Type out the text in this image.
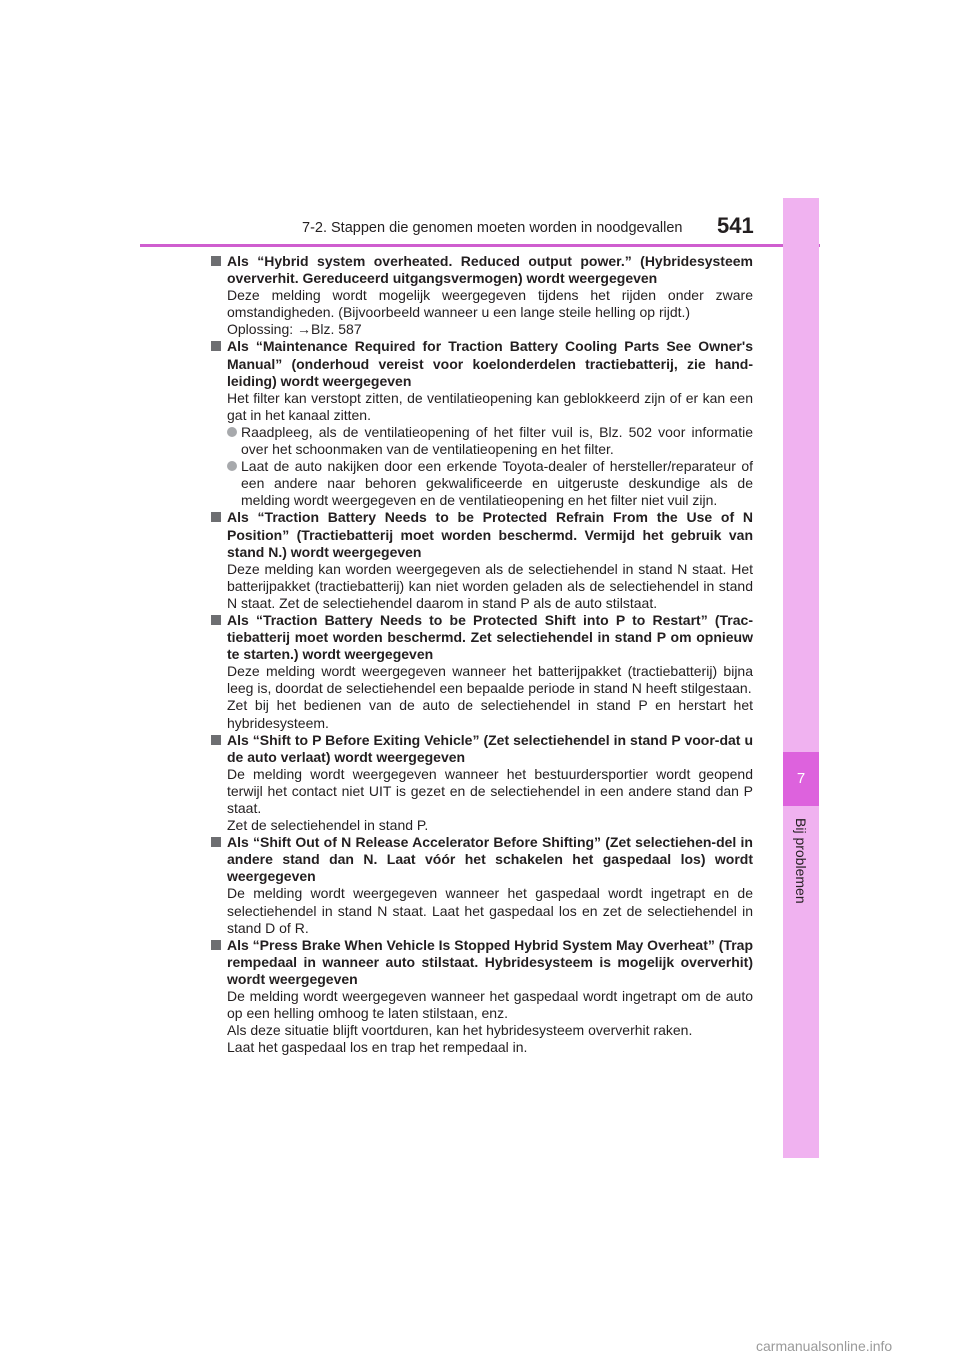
7-2. Stappen die genomen moeten worden in noodgevallen 541
7
Bij problemen
Als “Hybrid system overheated. Reduced output power.” (Hybridesysteem oververhit. Gereduceerd uitgangsvermogen) wordt weergegeven
Deze melding wordt mogelijk weergegeven tijdens het rijden onder zware omstandigheden. (Bijvoorbeeld wanneer u een lange steile helling op rijdt.)
Oplossing: →Blz. 587
Als “Maintenance Required for Traction Battery Cooling Parts See Owner's Manual” (onderhoud vereist voor koelonderdelen tractiebatterij, zie hand-leiding) wordt weergegeven
Het filter kan verstopt zitten, de ventilatieopening kan geblokkeerd zijn of er kan een gat in het kanaal zitten.
Raadpleeg, als de ventilatieopening of het filter vuil is, Blz. 502 voor informatie over het schoonmaken van de ventilatieopening en het filter.
Laat de auto nakijken door een erkende Toyota-dealer of hersteller/reparateur of een andere naar behoren gekwalificeerde en uitgeruste deskundige als de melding wordt weergegeven en de ventilatieopening en het filter niet vuil zijn.
Als “Traction Battery Needs to be Protected Refrain From the Use of N Position” (Tractiebatterij moet worden beschermd. Vermijd het gebruik van stand N.) wordt weergegeven
Deze melding kan worden weergegeven als de selectiehendel in stand N staat. Het batterijpakket (tractiebatterij) kan niet worden geladen als de selectiehendel in stand N staat. Zet de selectiehendel daarom in stand P als de auto stilstaat.
Als “Traction Battery Needs to be Protected Shift into P to Restart” (Trac-tiebatterij moet worden beschermd. Zet selectiehendel in stand P om opnieuw te starten.) wordt weergegeven
Deze melding wordt weergegeven wanneer het batterijpakket (tractiebatterij) bijna leeg is, doordat de selectiehendel een bepaalde periode in stand N heeft stilgestaan.
Zet bij het bedienen van de auto de selectiehendel in stand P en herstart het hybridesysteem.
Als “Shift to P Before Exiting Vehicle” (Zet selectiehendel in stand P voor-dat u de auto verlaat) wordt weergegeven
De melding wordt weergegeven wanneer het bestuurdersportier wordt geopend terwijl het contact niet UIT is gezet en de selectiehendel in een andere stand dan P staat.
Zet de selectiehendel in stand P.
Als “Shift Out of N Release Accelerator Before Shifting” (Zet selectiehen-del in andere stand dan N. Laat vóór het schakelen het gaspedaal los) wordt weergegeven
De melding wordt weergegeven wanneer het gaspedaal wordt ingetrapt en de selectiehendel in stand N staat. Laat het gaspedaal los en zet de selectiehendel in stand D of R.
Als “Press Brake When Vehicle Is Stopped Hybrid System May Overheat” (Trap rempedaal in wanneer auto stilstaat. Hybridesysteem is mogelijk oververhit) wordt weergegeven
De melding wordt weergegeven wanneer het gaspedaal wordt ingetrapt om de auto op een helling omhoog te laten stilstaan, enz.
Als deze situatie blijft voortduren, kan het hybridesysteem oververhit raken.
Laat het gaspedaal los en trap het rempedaal in.
carmanualsonline.info
